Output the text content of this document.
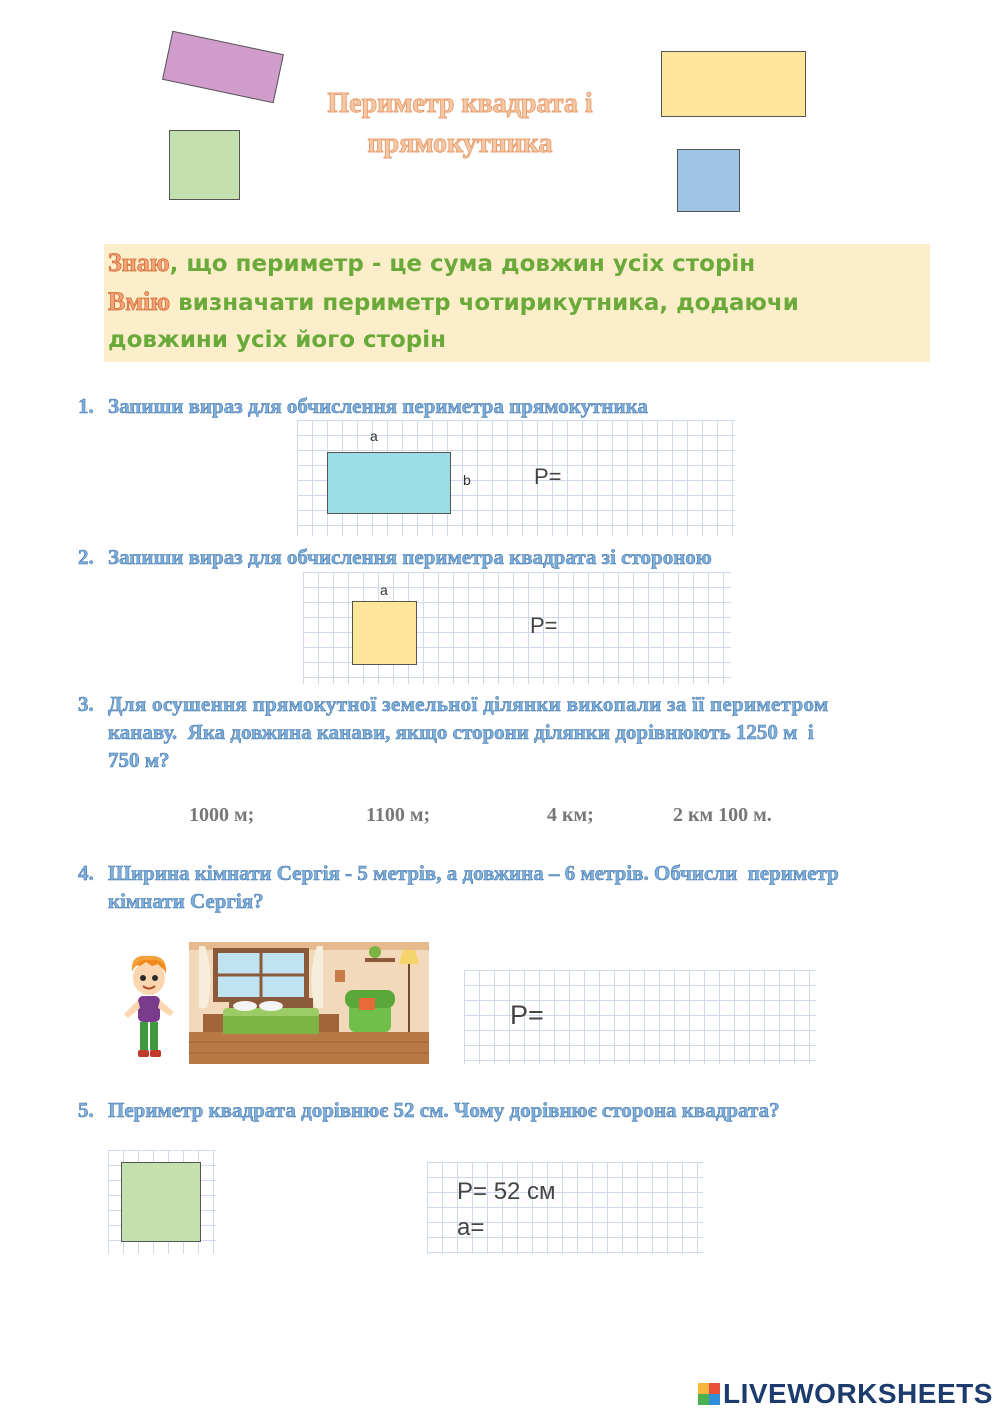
Периметр квадрата і
прямокутника
Знаю, що периметр - це сума довжин усіх сторін
Вмію визначати периметр чотирикутника, додаючи
довжини усіх його сторін
1. Запиши вираз для обчислення периметра прямокутника
a
b	P=
2. Запиши вираз для обчислення периметра квадрата зі стороною
a
P=
3. Для осушення прямокутної земельної ділянки викопали за її периметром
канаву.  Яка довжина канави, якщо сторони ділянки дорівнюють 1250 м  і
750 м?
1000 м;	1100 м;	4 км;	2 км 100 м.
4. Ширина кімнати Сергія - 5 метрів, а довжина – 6 метрів. Обчисли  периметр
кімнати Сергія?
P=
5. Периметр квадрата дорівнює 52 см. Чому дорівнює сторона квадрата?
P= 52 см
a=
LIVEWORKSHEETS
